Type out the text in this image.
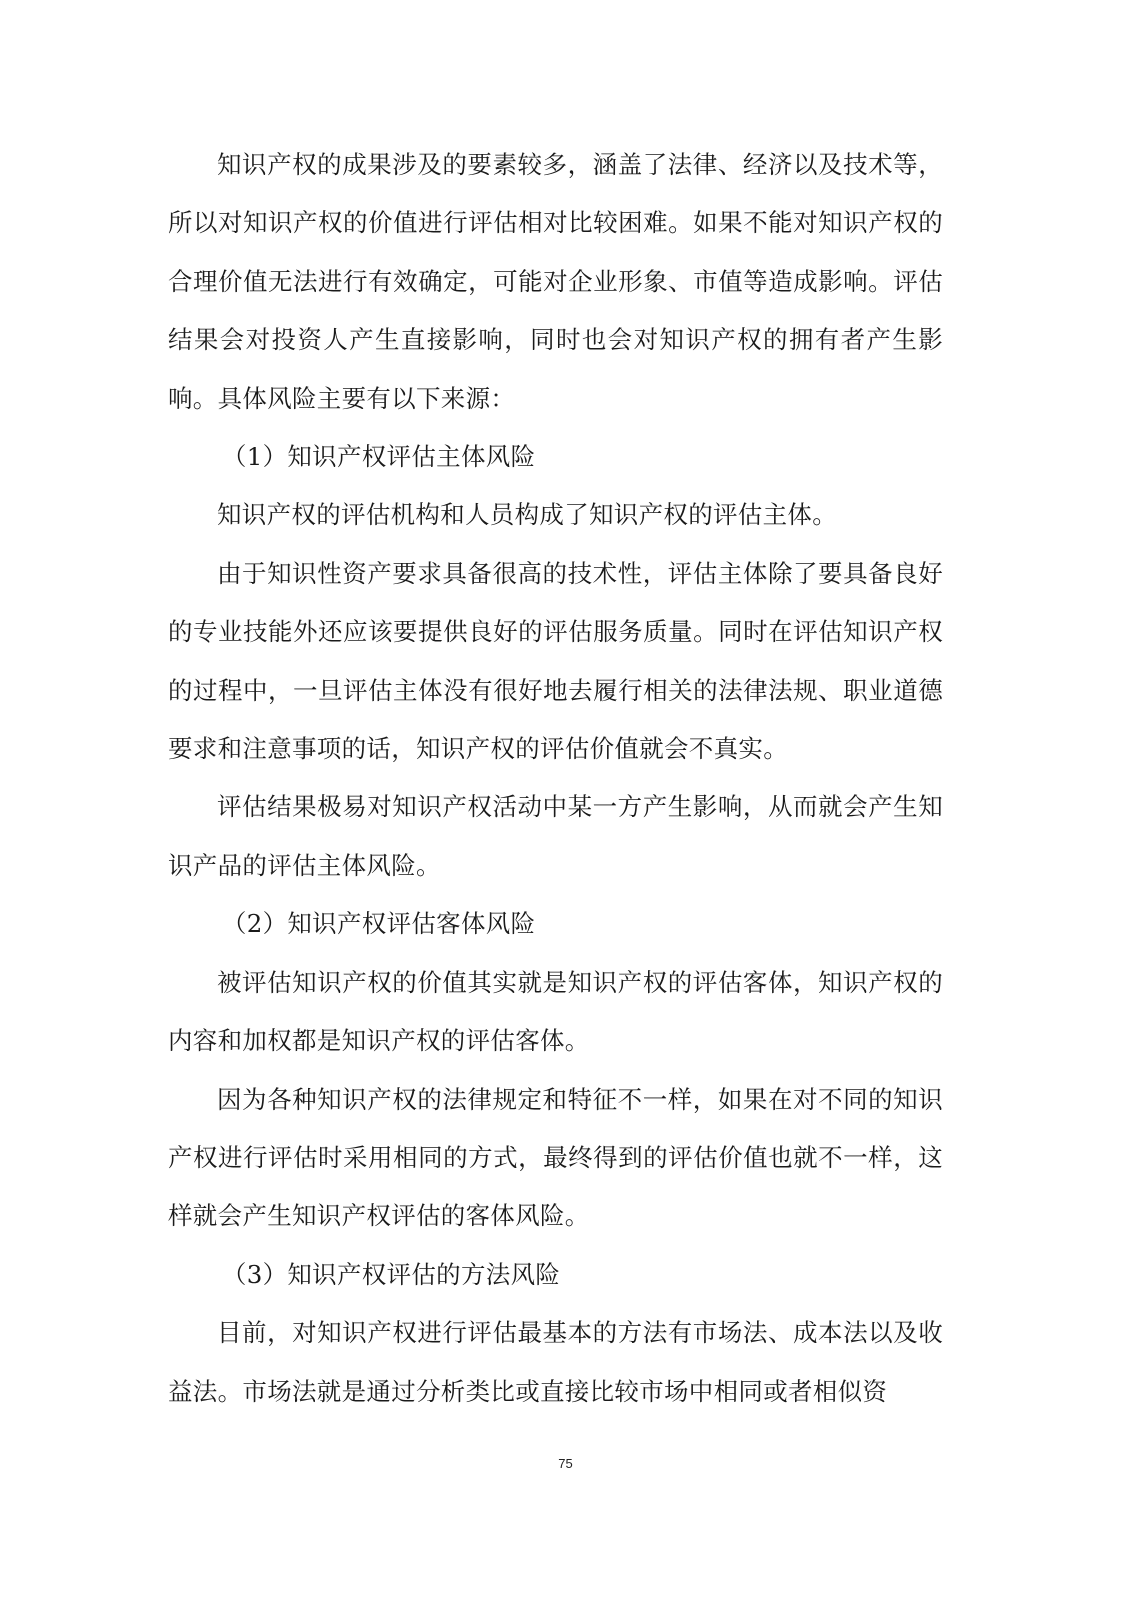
知识产权的成果涉及的要素较多，涵盖了法律、经济以及技术等，所以对知识产权的价值进行评估相对比较困难。如果不能对知识产权的合理价值无法进行有效确定，可能对企业形象、市值等造成影响。评估结果会对投资人产生直接影响，同时也会对知识产权的拥有者产生影响。具体风险主要有以下来源：

（1）知识产权评估主体风险

知识产权的评估机构和人员构成了知识产权的评估主体。

由于知识性资产要求具备很高的技术性，评估主体除了要具备良好的专业技能外还应该要提供良好的评估服务质量。同时在评估知识产权的过程中，一旦评估主体没有很好地去履行相关的法律法规、职业道德要求和注意事项的话，知识产权的评估价值就会不真实。

评估结果极易对知识产权活动中某一方产生影响，从而就会产生知识产品的评估主体风险。

（2）知识产权评估客体风险

被评估知识产权的价值其实就是知识产权的评估客体，知识产权的内容和加权都是知识产权的评估客体。

因为各种知识产权的法律规定和特征不一样，如果在对不同的知识产权进行评估时采用相同的方式，最终得到的评估价值也就不一样，这样就会产生知识产权评估的客体风险。

（3）知识产权评估的方法风险

目前，对知识产权进行评估最基本的方法有市场法、成本法以及收益法。市场法就是通过分析类比或直接比较市场中相同或者相似资

75
